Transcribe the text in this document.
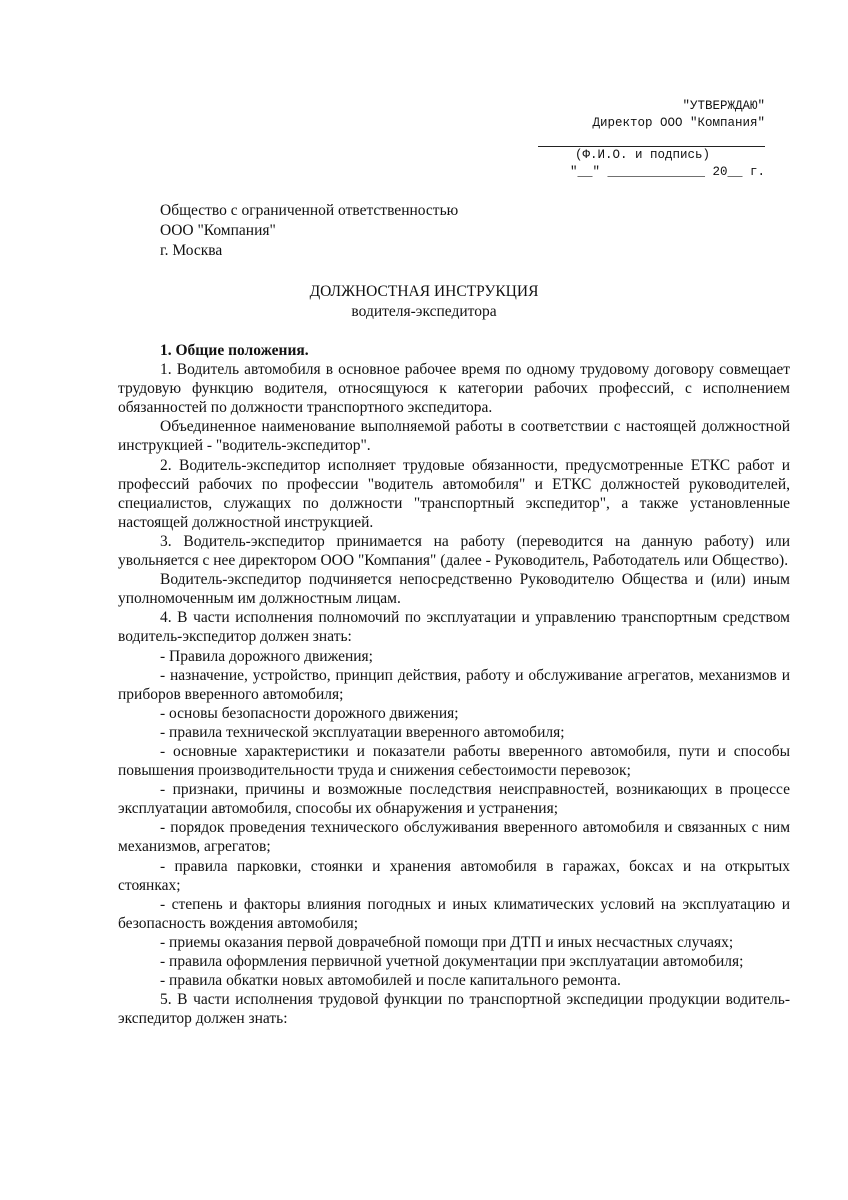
"УТВЕРЖДАЮ"
Директор ООО "Компания"
(Ф.И.О. и подпись)
"__" _____________ 20__ г.
Общество с ограниченной ответственностью
ООО "Компания"
г. Москва
ДОЛЖНОСТНАЯ ИНСТРУКЦИЯ
водителя-экспедитора

1. Общие положения.

1. Водитель автомобиля в основное рабочее время по одному трудовому договору совмещает трудовую функцию водителя, относящуюся к категории рабочих профессий, с исполнением обязанностей по должности транспортного экспедитора.

Объединенное наименование выполняемой работы в соответствии с настоящей должностной инструкцией - "водитель-экспедитор".

2. Водитель-экспедитор исполняет трудовые обязанности, предусмотренные ЕТКС работ и профессий рабочих по профессии "водитель автомобиля" и ЕТКС должностей руководителей, специалистов, служащих по должности "транспортный экспедитор", а также установленные настоящей должностной инструкцией.

3. Водитель-экспедитор принимается на работу (переводится на данную работу) или увольняется с нее директором ООО "Компания" (далее - Руководитель, Работодатель или Общество).

Водитель-экспедитор подчиняется непосредственно Руководителю Общества и (или) иным уполномоченным им должностным лицам.

4. В части исполнения полномочий по эксплуатации и управлению транспортным средством водитель-экспедитор должен знать:

- Правила дорожного движения;

- назначение, устройство, принцип действия, работу и обслуживание агрегатов, механизмов и приборов вверенного автомобиля;

- основы безопасности дорожного движения;

- правила технической эксплуатации вверенного автомобиля;

- основные характеристики и показатели работы вверенного автомобиля, пути и способы повышения производительности труда и снижения себестоимости перевозок;

- признаки, причины и возможные последствия неисправностей, возникающих в процессе эксплуатации автомобиля, способы их обнаружения и устранения;

- порядок проведения технического обслуживания вверенного автомобиля и связанных с ним механизмов, агрегатов;

- правила парковки, стоянки и хранения автомобиля в гаражах, боксах и на открытых стоянках;

- степень и факторы влияния погодных и иных климатических условий на эксплуатацию и безопасность вождения автомобиля;

- приемы оказания первой доврачебной помощи при ДТП и иных несчастных случаях;

- правила оформления первичной учетной документации при эксплуатации автомобиля;

- правила обкатки новых автомобилей и после капитального ремонта.

5. В части исполнения трудовой функции по транспортной экспедиции продукции водитель-экспедитор должен знать:
